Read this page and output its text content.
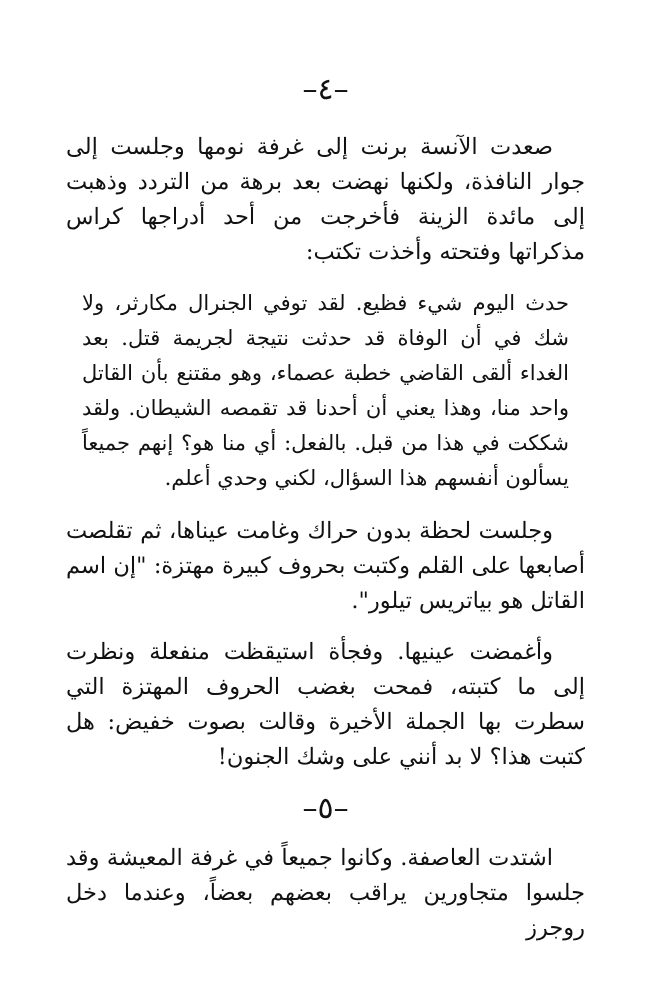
–٤–

صعدت الآنسة برنت إلى غرفة نومها وجلست إلى جوار النافذة، ولكنها نهضت بعد برهة من التردد وذهبت إلى مائدة الزينة فأخرجت من أحد أدراجها كراس مذكراتها وفتحته وأخذت تكتب:

حدث اليوم شيء فظيع. لقد توفي الجنرال مكارثر، ولا شك في أن الوفاة قد حدثت نتيجة لجريمة قتل. بعد الغداء ألقى القاضي خطبة عصماء، وهو مقتنع بأن القاتل واحد منا، وهذا يعني أن أحدنا قد تقمصه الشيطان. ولقد شككت في هذا من قبل. بالفعل: أي منا هو؟ إنهم جميعاً يسألون أنفسهم هذا السؤال، لكني وحدي أعلم.

وجلست لحظة بدون حراك وغامت عيناها، ثم تقلصت أصابعها على القلم وكتبت بحروف كبيرة مهتزة: "إن اسم القاتل هو بياتريس تيلور".

وأغمضت عينيها. وفجأة استيقظت منفعلة ونظرت إلى ما كتبته، فمحت بغضب الحروف المهتزة التي سطرت بها الجملة الأخيرة وقالت بصوت خفيض: هل كتبت هذا؟ لا بد أنني على وشك الجنون!

–٥–

اشتدت العاصفة. وكانوا جميعاً في غرفة المعيشة وقد جلسوا متجاورين يراقب بعضهم بعضاً، وعندما دخل روجرز
